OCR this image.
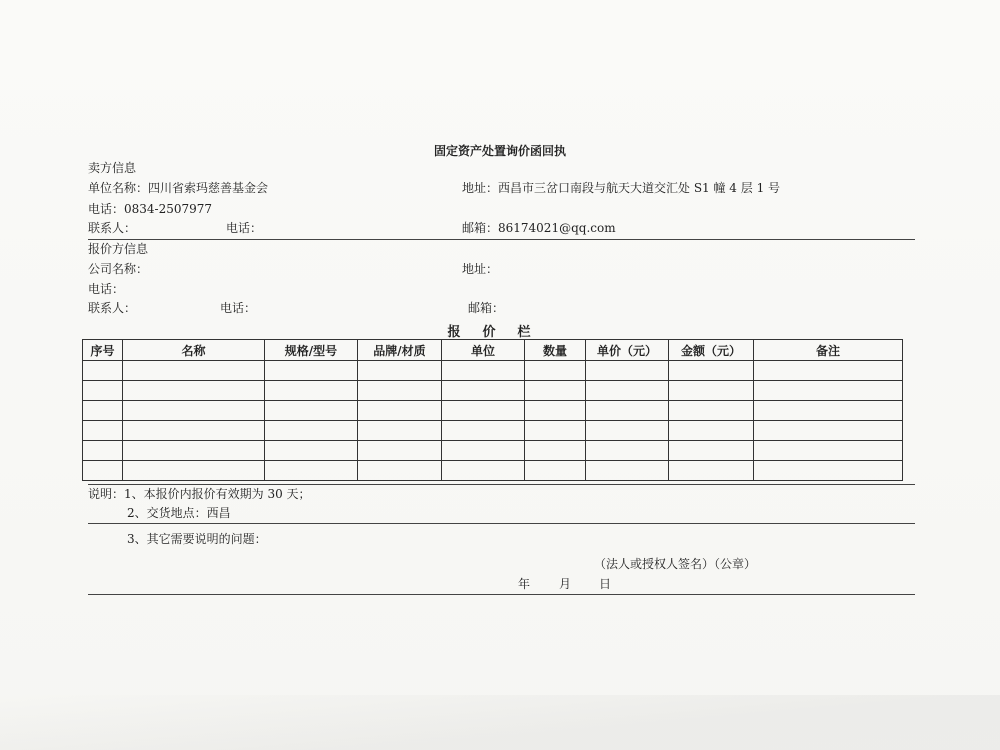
固定资产处置询价函回执
卖方信息
单位名称：四川省索玛慈善基金会	地址：西昌市三岔口南段与航天大道交汇处 S1 幢 4 层 1 号
电话：0834-2507977
联系人：	电话：	邮箱：86174021@qq.com
报价方信息
公司名称：	地址：
电话：
联系人：	电话：	邮箱：
报价栏
序号	名称	规格/型号	品牌/材质	单位	数量	单价（元）	金额（元）	备注

说明：1、本报价内报价有效期为 30 天；
2、交货地点：西昌
3、其它需要说明的问题：
（法人或授权人签名）（公章）
年 月 日
